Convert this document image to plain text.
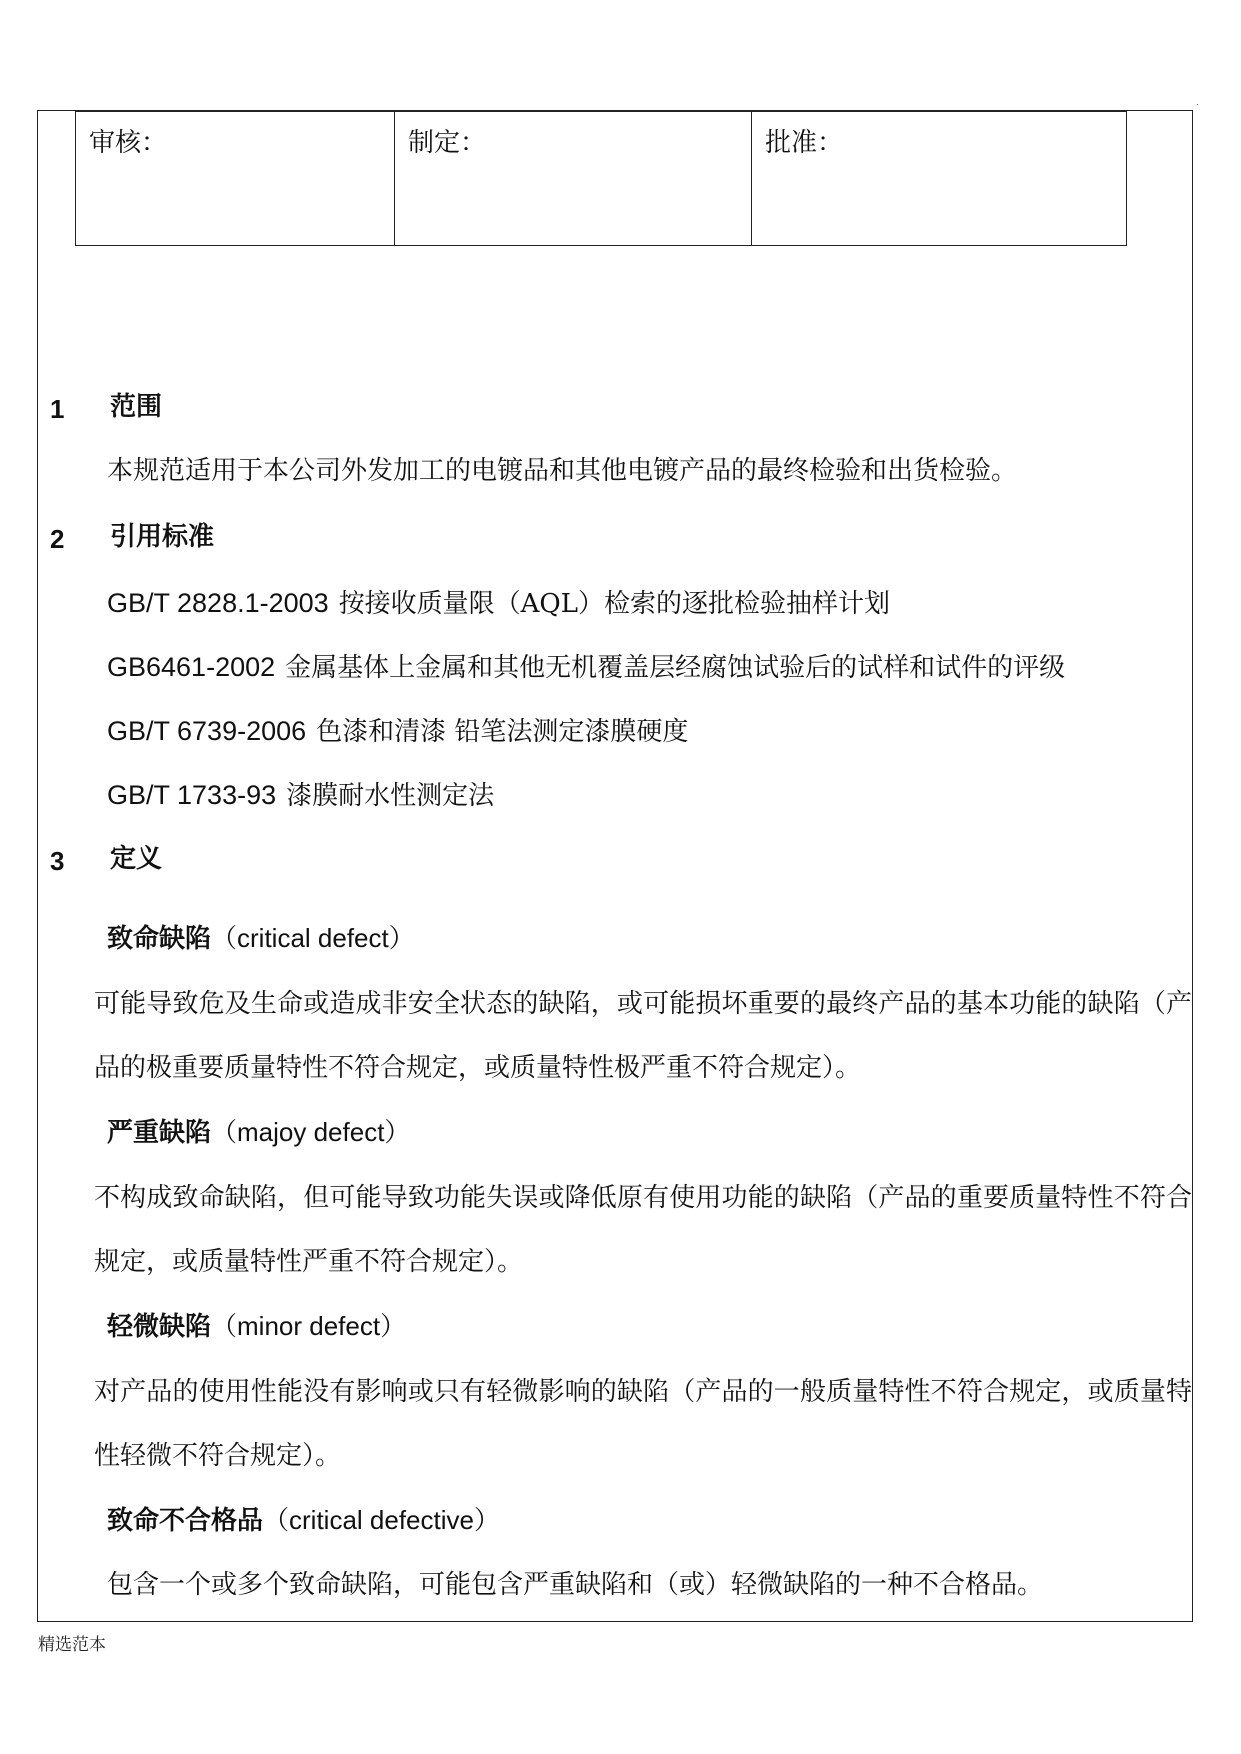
.
审核：	制定：	批准：
1 范围
本规范适用于本公司外发加工的电镀品和其他电镀产品的最终检验和出货检验。
2 引用标准
GB/T 2828.1-2003 按接收质量限（AQL）检索的逐批检验抽样计划
GB6461-2002 金属基体上金属和其他无机覆盖层经腐蚀试验后的试样和试件的评级
GB/T 6739-2006 色漆和清漆 铅笔法测定漆膜硬度
GB/T 1733-93 漆膜耐水性测定法
3 定义
致命缺陷（critical defect）
可能导致危及生命或造成非安全状态的缺陷，或可能损坏重要的最终产品的基本功能的缺陷（产品的极重要质量特性不符合规定，或质量特性极严重不符合规定）。
严重缺陷（majoy defect）
不构成致命缺陷，但可能导致功能失误或降低原有使用功能的缺陷（产品的重要质量特性不符合规定，或质量特性严重不符合规定）。
轻微缺陷（minor defect）
对产品的使用性能没有影响或只有轻微影响的缺陷（产品的一般质量特性不符合规定，或质量特性轻微不符合规定）。
致命不合格品（critical defective）
包含一个或多个致命缺陷，可能包含严重缺陷和（或）轻微缺陷的一种不合格品。
精选范本
